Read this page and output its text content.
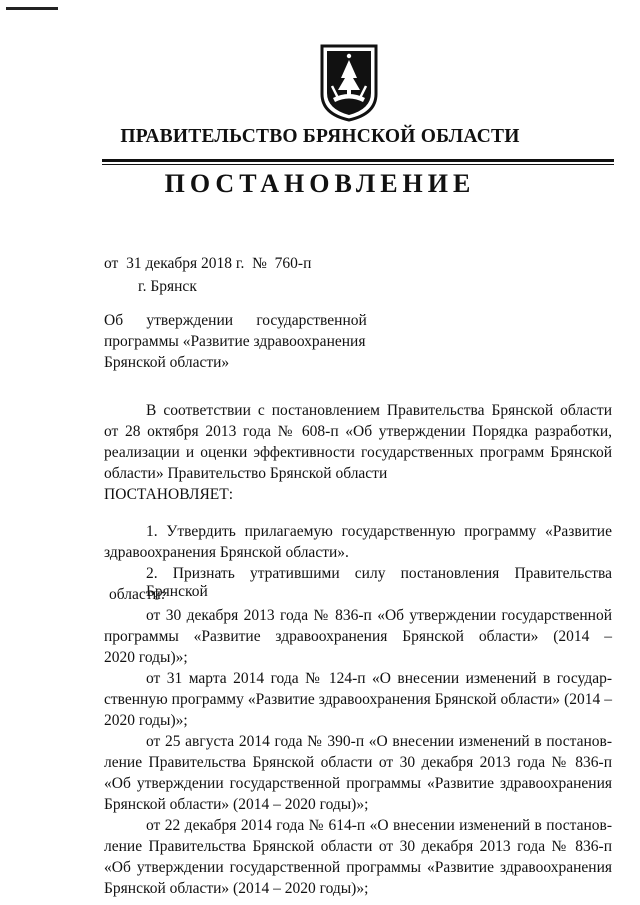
ПРАВИТЕЛЬСТВО БРЯНСКОЙ ОБЛАСТИ
ПОСТАНОВЛЕНИЕ
от  31 декабря 2018 г.  №  760-п
г. Брянск
Об      утверждении      государственной
программы «Развитие здравоохранения
Брянской области»
В соответствии с постановлением Правительства Брянской области
от 28 октября 2013 года № 608-п «Об утверждении Порядка разработки,
реализации и оценки эффективности государственных программ Брянской
области» Правительство Брянской области
ПОСТАНОВЛЯЕТ:
1. Утвердить прилагаемую государственную программу «Развитие
здравоохранения Брянской области».
2. Признать утратившими силу постановления Правительства Брянской
области:
от 30 декабря 2013 года № 836-п «Об утверждении государственной
программы «Развитие здравоохранения Брянской области» (2014 –
2020 годы)»;
от 31 марта 2014 года № 124-п «О внесении изменений в государ-
ственную программу «Развитие здравоохранения Брянской области» (2014 –
2020 годы)»;
от 25 августа 2014 года № 390-п «О внесении изменений в постанов-
ление Правительства Брянской области от 30 декабря 2013 года № 836-п
«Об утверждении государственной программы «Развитие здравоохранения
Брянской области» (2014 – 2020 годы)»;
от 22 декабря 2014 года № 614-п «О внесении изменений в постанов-
ление Правительства Брянской области от 30 декабря 2013 года № 836-п
«Об утверждении государственной программы «Развитие здравоохранения
Брянской области» (2014 – 2020 годы)»;
